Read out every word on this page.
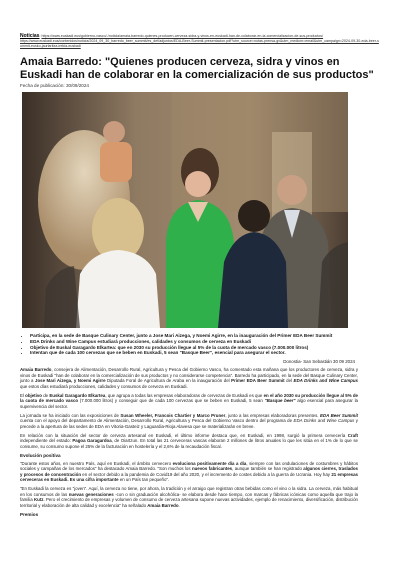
Noticias: https://www.euskadi.eus/gobierno-vasco/-/noticia/amaia-barredo-quienes-producen-cerveza-sidra-y-vinos-en-euskadi-han-de-colaborar-en-la-comercializacion-de-sus-productos/
https://www.euskadi.eus/contenidos/noticia/2024_09_30_barredo_beer_summit/es_def/adjuntos/EDA-Beer-Summit-presentacion.pdf?utm_source=notas-prensa-gv&utm_medium=email&utm_campaign=2024-09-30-eda-beer-summit-eusko-jaurlaritza-irekia-euskadi
Amaia Barredo: "Quienes producen cerveza, sidra y vinos en Euskadi han de colaborar en la comercialización de sus productos"
Fecha de publicación: 30/09/2024
• Participa, en la sede de Basque Culinary Center, junto a Jose Mari Aizega, y Noemi Agirre, en la inauguración del Primer EDA Beer Summit
• EDA Drinks and Wine Campus estudiará producciones, calidades y consumos de cerveza en Euskadi
• Objetivo de Euskal Garagardo Elkartea: que en 2030 su producción llegue al 5% de la cuota de mercado vasco (7.000.000 litros)
• Intentan que de cada 100 cervezas que se beben en Euskadi, 5 sean "Basque Beer", esencial para asegurar el sector.
Donostia- San Sebastián 30 09 2024

Amaia Barredo, consejera de Alimentación, Desarrollo Rural, Agricultura y Pesca del Gobierno Vasco, ha comentado esta mañana que los productores de cerveza, sidra y vinos de Euskadi "han de colaborar en la comercialización de sus productos y no considerarse competencia". Barredo ha participado, en la sede del Basque Culinary Center, junto a Jose Mari Aizega, y Noemi Agirre Diputada Foral de Agricultura de Araba en la inauguración del Primer EDA Beer Summit del EDA Drinks and Wine Campus que estos días estudiará producciones, calidades y consumos de cerveza en Euskadi.

El objetivo de Euskal Garagardo Elkartea, que agrupa a todas las empresas elaboradoras de cervezas de Euskadi es que en el año 2030 su producción llegue al 5% de la cuota de mercado vasco (7.000.000 litros) y conseguir que de cada 100 cervezas que se beben en Euskadi, 5 sean "Basque beer" algo esencial para asegurar la supervivencia del sector.

La jornada se ha iniciado con las exposiciones de Susan Wheeler, Francois Chartier y Marco Pruner, junto a las empresas elaboradoras presentes. EDA Beer Summit cuenta con el apoyo del departamento de Alimentación, Desarrollo Rural, Agricultura y Pesca del Gobierno Vasco dentro del programa de EDA Drinks and Wine Campus y precede a la apertura de las sedes de EDA en Vitoria-Gasteiz y Laguardia-Rioja Alavesa que se materializarán en breve.

En relación con la situación del sector de cerveza artesanal en Euskadi, el último informe destaca que, en Euskadi, en 1998, surgió la primera cervecería Craft independiente del estado: Pagoa Garagardoa, de Oiartzun. En total las 21 cerveceras vascas elaboran 2 millones de litros anuales lo que les sitúa en el 1% de lo que se consume, su consumo supone el 25% de la facturación en hostelería y el 2,6% de la recaudación fiscal.

Evolución positiva

"Durante estos años, en nuestro País, aquí en Euskadi, el ámbito cervecero evoluciona positivamente día a día, siempre con las ondulaciones de costumbres y hábitos sociales y campañas de los mercados" ha destacado Amaia Barredo. "Son muchos los nuevos fabricantes, aunque también se han registrado algunos cierres, traslados y procesos de concentración en el sector debido a la pandemia de Covid19 del año 2020, y el incremento de costes debido a la guerra de Ucrania. Hoy hay 21 empresas cerveceras en Euskadi. Es una cifra importante en un País tan pequeño".

"En Euskadi la cerveza es "joven". Aquí, la cerveza no tiene, por ahora, la tradición y el arraigo que registran otras bebidas como el vino o la sidra. La cerveza, más habitual en los consumos de las nuevas generaciones -con o sin graduación alcohólica- se elabora desde hace tiempo, con marcas y fábricas icónicas como aquella que trajo la familia Kutz. Pero el crecimiento de empresas y volumen de consumo de cerveza artesana supone nuevas actividades, ejemplo de renacimiento, diversificación, distribución territorial y elaboración de alta calidad y excelencia" ha señalado Amaia Barredo.

Premios
